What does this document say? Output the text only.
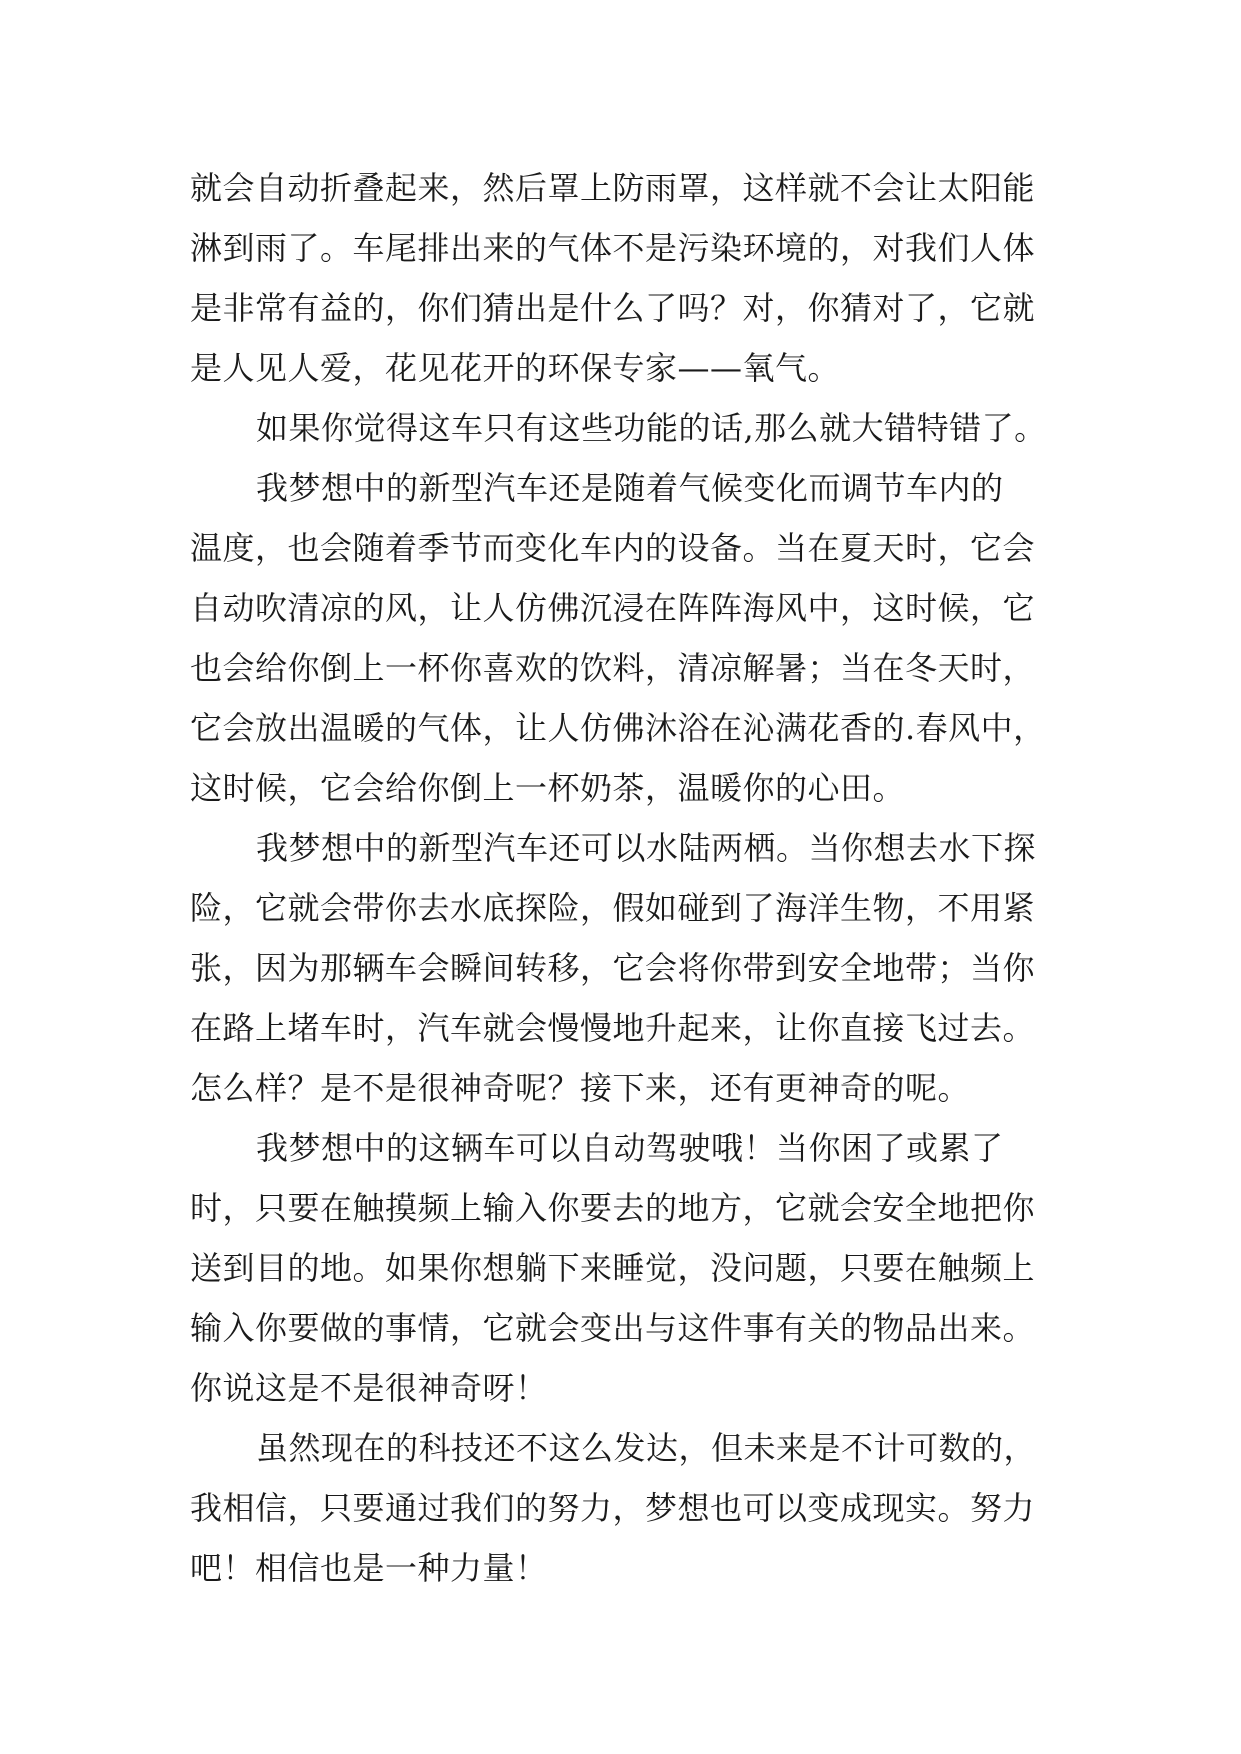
就会自动折叠起来，然后罩上防雨罩，这样就不会让太阳能
淋到雨了。车尾排出来的气体不是污染环境的，对我们人体
是非常有益的，你们猜出是什么了吗？对，你猜对了，它就
是人见人爱，花见花开的环保专家——氧气。
如果你觉得这车只有这些功能的话,那么就大错特错了。
我梦想中的新型汽车还是随着气候变化而调节车内的
温度，也会随着季节而变化车内的设备。当在夏天时，它会
自动吹清凉的风，让人仿佛沉浸在阵阵海风中，这时候，它
也会给你倒上一杯你喜欢的饮料，清凉解暑；当在冬天时，
它会放出温暖的气体，让人仿佛沐浴在沁满花香的.春风中，
这时候，它会给你倒上一杯奶茶，温暖你的心田。
我梦想中的新型汽车还可以水陆两栖。当你想去水下探
险，它就会带你去水底探险，假如碰到了海洋生物，不用紧
张，因为那辆车会瞬间转移，它会将你带到安全地带；当你
在路上堵车时，汽车就会慢慢地升起来，让你直接飞过去。
怎么样？是不是很神奇呢？接下来，还有更神奇的呢。
我梦想中的这辆车可以自动驾驶哦！当你困了或累了
时，只要在触摸频上输入你要去的地方，它就会安全地把你
送到目的地。如果你想躺下来睡觉，没问题，只要在触频上
输入你要做的事情，它就会变出与这件事有关的物品出来。
你说这是不是很神奇呀！
虽然现在的科技还不这么发达，但未来是不计可数的，
我相信，只要通过我们的努力，梦想也可以变成现实。努力
吧！相信也是一种力量！
